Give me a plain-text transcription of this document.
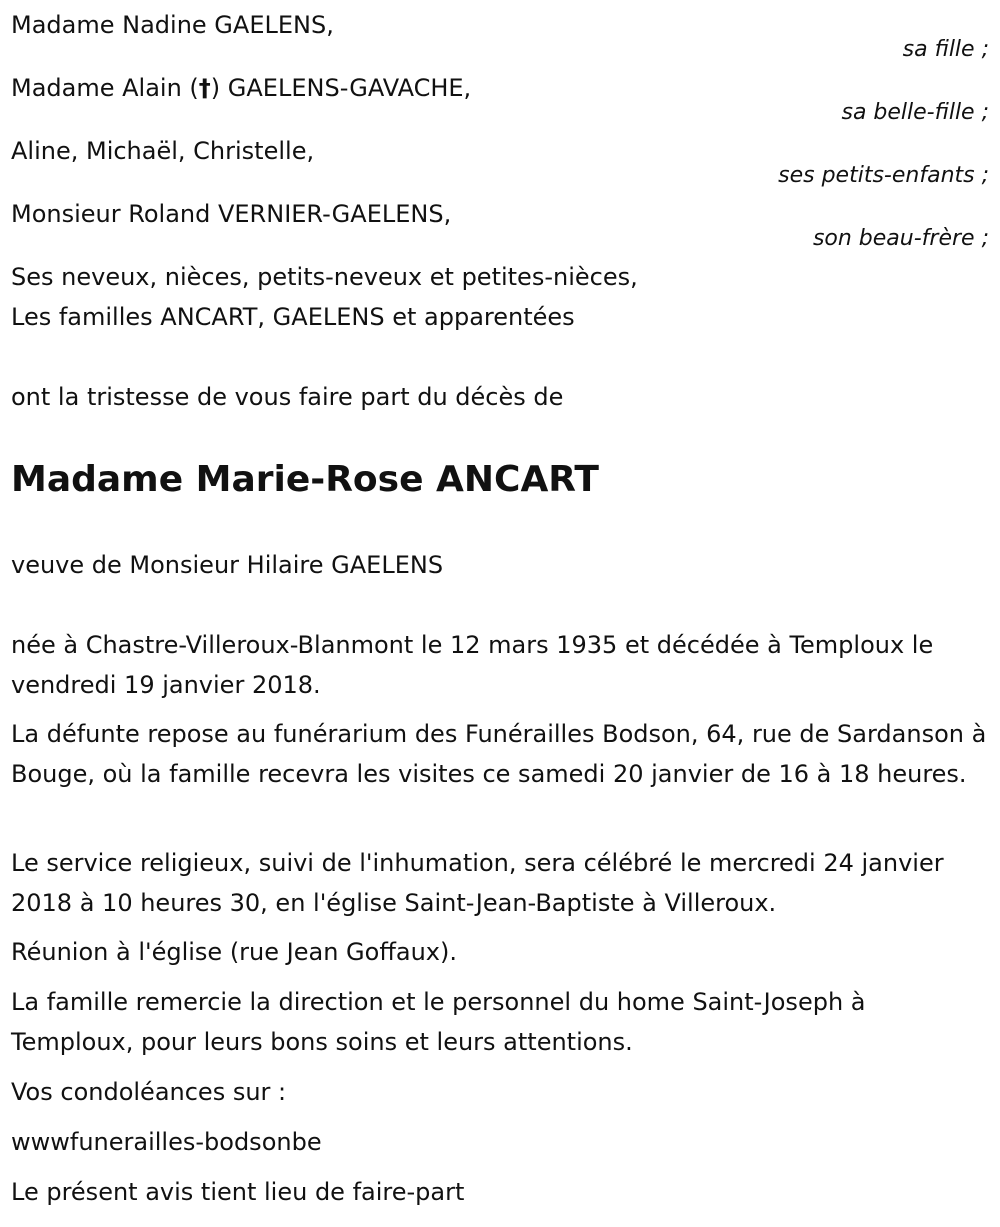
Madame Nadine GAELENS,
sa fille ;
Madame Alain (†) GAELENS-GAVACHE,
sa belle-fille ;
Aline, Michaël, Christelle,
ses petits-enfants ;
Monsieur Roland VERNIER-GAELENS,
son beau-frère ;
Ses neveux, nièces, petits-neveux et petites-nièces,
Les familles ANCART, GAELENS et apparentées
ont la tristesse de vous faire part du décès de
Madame Marie-Rose ANCART
veuve de Monsieur Hilaire GAELENS
née à Chastre-Villeroux-Blanmont le 12 mars 1935 et décédée à Temploux le vendredi 19 janvier 2018.
La défunte repose au funérarium des Funérailles Bodson, 64, rue de Sardanson à Bouge, où la famille recevra les visites ce samedi 20 janvier de 16 à 18 heures.
Le service religieux, suivi de l'inhumation, sera célébré le mercredi 24 janvier 2018 à 10 heures 30, en l'église Saint-Jean-Baptiste à Villeroux.
Réunion à l'église (rue Jean Goffaux).
La famille remercie la direction et le personnel du home Saint-Joseph à Temploux, pour leurs bons soins et leurs attentions.
Vos condoléances sur :
wwwfunerailles-bodsonbe
Le présent avis tient lieu de faire-part
